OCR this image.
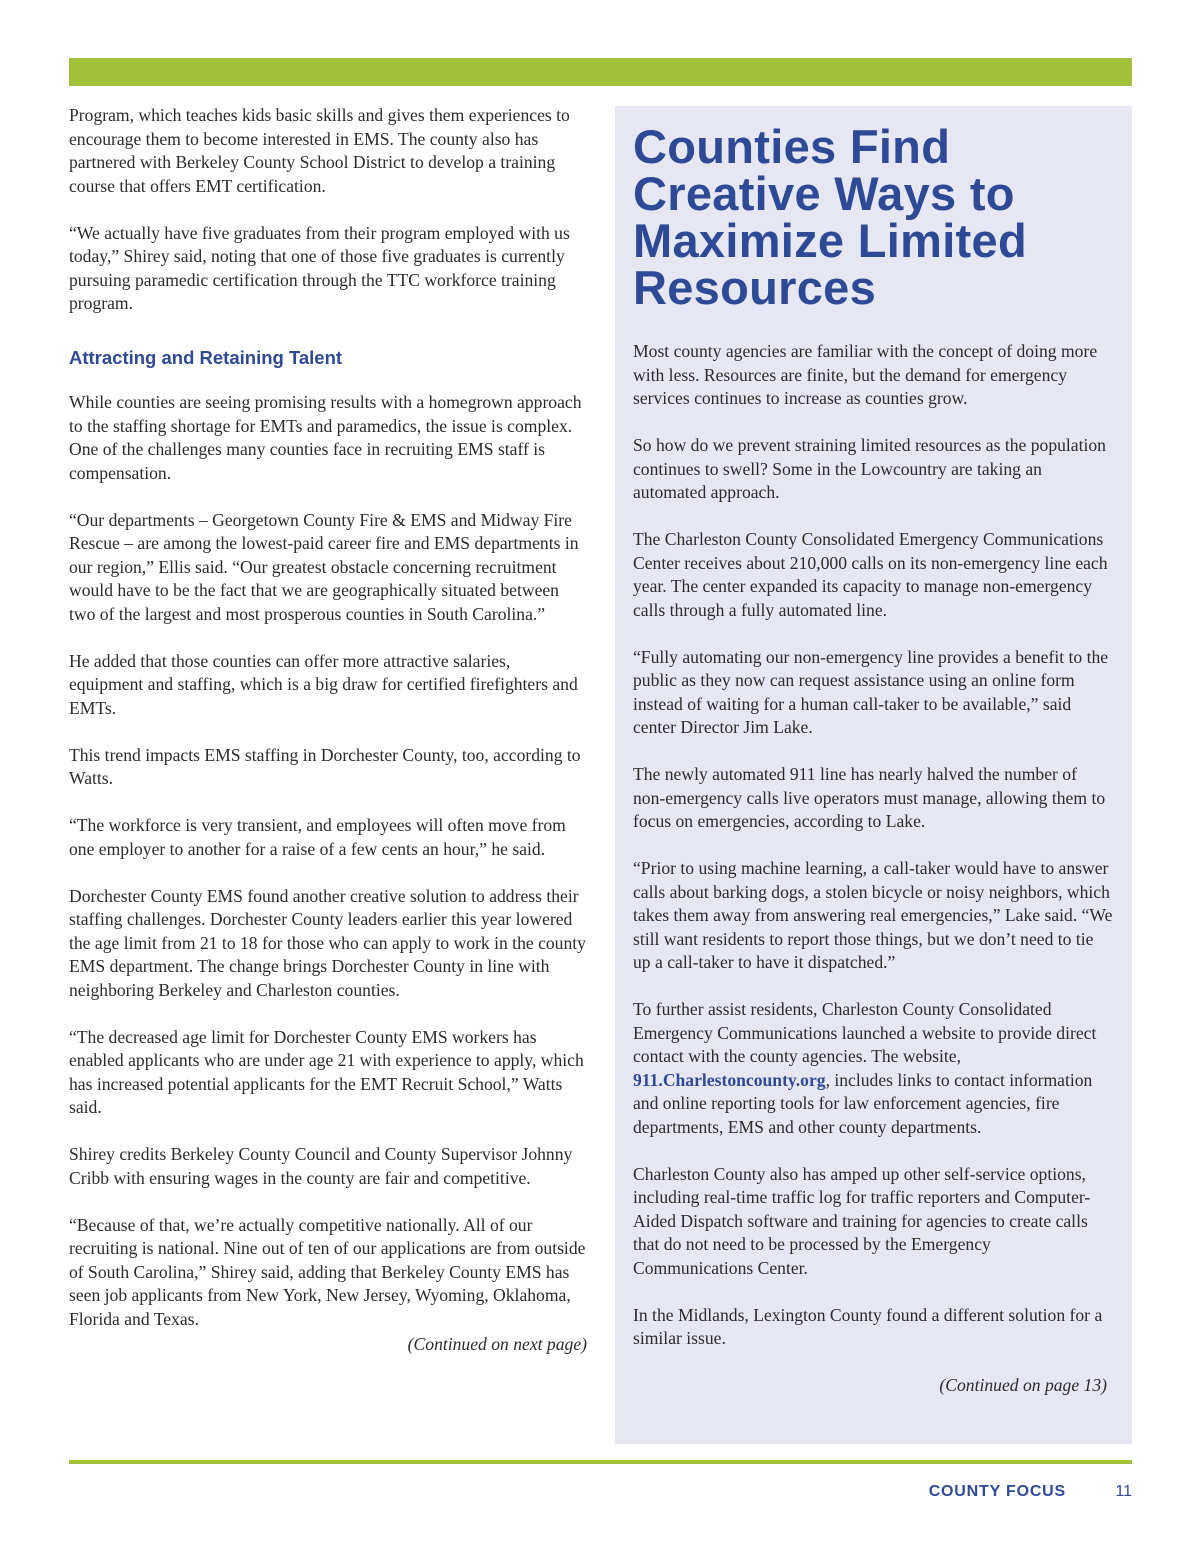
Program, which teaches kids basic skills and gives them experiences to encourage them to become interested in EMS. The county also has partnered with Berkeley County School District to develop a training course that offers EMT certification.

“We actually have five graduates from their program employed with us today,” Shirey said, noting that one of those five graduates is currently pursuing paramedic certification through the TTC workforce training program.

Attracting and Retaining Talent

While counties are seeing promising results with a homegrown approach to the staffing shortage for EMTs and paramedics, the issue is complex. One of the challenges many counties face in recruiting EMS staff is compensation.

“Our departments – Georgetown County Fire & EMS and Midway Fire Rescue – are among the lowest-paid career fire and EMS departments in our region,” Ellis said. “Our greatest obstacle concerning recruitment would have to be the fact that we are geographically situated between two of the largest and most prosperous counties in South Carolina.”

He added that those counties can offer more attractive salaries, equipment and staffing, which is a big draw for certified firefighters and EMTs.

This trend impacts EMS staffing in Dorchester County, too, according to Watts.

“The workforce is very transient, and employees will often move from one employer to another for a raise of a few cents an hour,” he said.

Dorchester County EMS found another creative solution to address their staffing challenges. Dorchester County leaders earlier this year lowered the age limit from 21 to 18 for those who can apply to work in the county EMS department. The change brings Dorchester County in line with neighboring Berkeley and Charleston counties.

“The decreased age limit for Dorchester County EMS workers has enabled applicants who are under age 21 with experience to apply, which has increased potential applicants for the EMT Recruit School,” Watts said.

Shirey credits Berkeley County Council and County Supervisor Johnny Cribb with ensuring wages in the county are fair and competitive.

“Because of that, we’re actually competitive nationally. All of our recruiting is national. Nine out of ten of our applications are from outside of South Carolina,” Shirey said, adding that Berkeley County EMS has seen job applicants from New York, New Jersey, Wyoming, Oklahoma, Florida and Texas.

(Continued on next page)

Counties Find
Creative Ways to
Maximize Limited
Resources

Most county agencies are familiar with the concept of doing more with less. Resources are finite, but the demand for emergency services continues to increase as counties grow.

So how do we prevent straining limited resources as the population continues to swell? Some in the Lowcountry are taking an automated approach.

The Charleston County Consolidated Emergency Communications Center receives about 210,000 calls on its non-emergency line each year. The center expanded its capacity to manage non-emergency calls through a fully automated line.

“Fully automating our non-emergency line provides a benefit to the public as they now can request assistance using an online form instead of waiting for a human call-taker to be available,” said center Director Jim Lake.

The newly automated 911 line has nearly halved the number of non-emergency calls live operators must manage, allowing them to focus on emergencies, according to Lake.

“Prior to using machine learning, a call-taker would have to answer calls about barking dogs, a stolen bicycle or noisy neighbors, which takes them away from answering real emergencies,” Lake said. “We still want residents to report those things, but we don’t need to tie up a call-taker to have it dispatched.”

To further assist residents, Charleston County Consolidated Emergency Communications launched a website to provide direct contact with the county agencies. The website, 911.Charlestoncounty.org, includes links to contact information and online reporting tools for law enforcement agencies, fire departments, EMS and other county departments.

Charleston County also has amped up other self-service options, including real-time traffic log for traffic reporters and Computer-Aided Dispatch software and training for agencies to create calls that do not need to be processed by the Emergency Communications Center.

In the Midlands, Lexington County found a different solution for a similar issue.

(Continued on page 13)

COUNTY FOCUS	11
